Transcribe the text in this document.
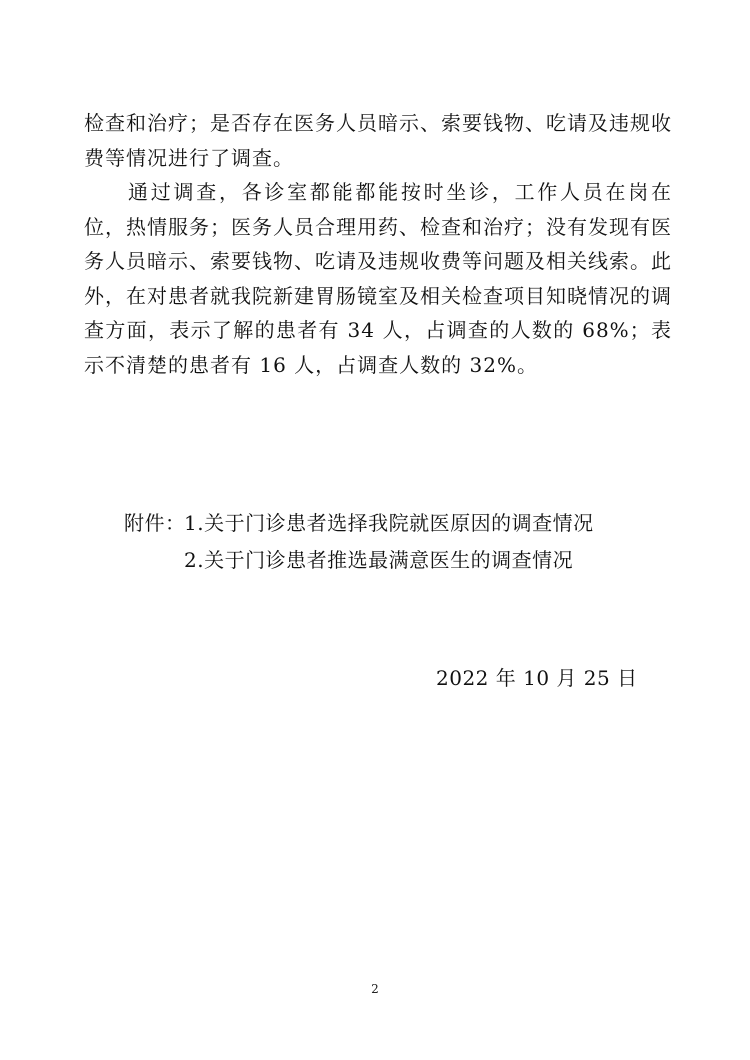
检查和治疗；是否存在医务人员暗示、索要钱物、吃请及违规收费等情况进行了调查。

通过调查，各诊室都能都能按时坐诊，工作人员在岗在位，热情服务；医务人员合理用药、检查和治疗；没有发现有医务人员暗示、索要钱物、吃请及违规收费等问题及相关线索。此外，在对患者就我院新建胃肠镜室及相关检查项目知晓情况的调查方面，表示了解的患者有 34 人，占调查的人数的 68%；表示不清楚的患者有 16 人，占调查人数的 32%。

附件：
1.关于门诊患者选择我院就医原因的调查情况
2.关于门诊患者推选最满意医生的调查情况
2022 年 10 月 25 日
2
